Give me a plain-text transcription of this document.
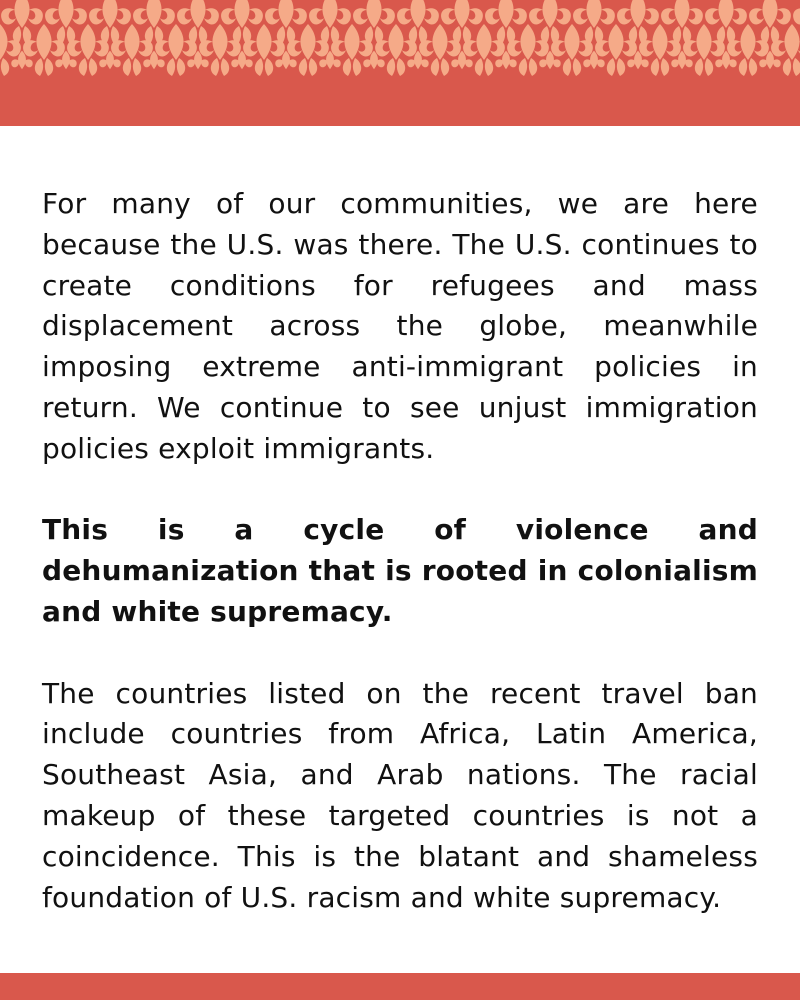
For many of our communities, we are here because the U.S. was there. The U.S. continues to create conditions for refugees and mass displacement across the globe, meanwhile imposing extreme anti-immigrant policies in return. We continue to see unjust immigration policies exploit immigrants.

This is a cycle of violence and dehumanization that is rooted in colonialism and white supremacy.

The countries listed on the recent travel ban include countries from Africa, Latin America, Southeast Asia, and Arab nations. The racial makeup of these targeted countries is not a coincidence. This is the blatant and shameless foundation of U.S. racism and white supremacy.
